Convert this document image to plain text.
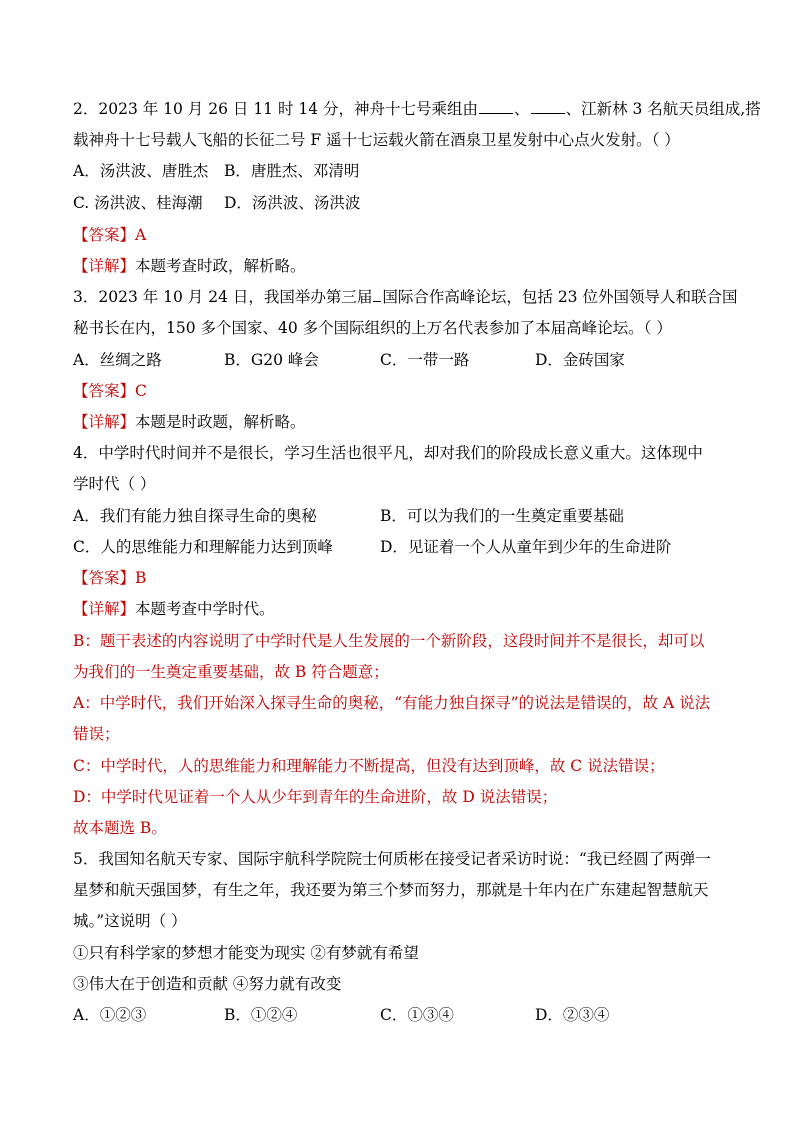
2．2023 年 10 月 26 日 11 时 14 分，神舟十七号乘组由 、 、江新林 3 名航天员组成,搭
载神舟十七号载人飞船的长征二号 F 遥十七运载火箭在酒泉卫星发射中心点火发射。（ ）
A．汤洪波、唐胜杰 B．唐胜杰、邓清明
C. 汤洪波、桂海潮 D．汤洪波、汤洪波
【答案】A
【详解】本题考查时政，解析略。
3．2023 年 10 月 24 日，我国举办第三届 国际合作高峰论坛，包括 23 位外国领导人和联合国
秘书长在内，150 多个国家、40 多个国际组织的上万名代表参加了本届高峰论坛。（ ）
A．丝绸之路	B．G20 峰会	C．一带一路	D．金砖国家
【答案】C
【详解】本题是时政题，解析略。
4．中学时代时间并不是很长，学习生活也很平凡，却对我们的阶段成长意义重大。这体现中
学时代（ ）
A．我们有能力独自探寻生命的奥秘	B．可以为我们的一生奠定重要基础
C．人的思维能力和理解能力达到顶峰	D．见证着一个人从童年到少年的生命进阶
【答案】B
【详解】本题考查中学时代。
B：题干表述的内容说明了中学时代是人生发展的一个新阶段，这段时间并不是很长，却可以
为我们的一生奠定重要基础，故 B 符合题意；
A：中学时代，我们开始深入探寻生命的奥秘，“有能力独自探寻”的说法是错误的，故 A 说法
错误；
C：中学时代，人的思维能力和理解能力不断提高，但没有达到顶峰，故 C 说法错误；
D：中学时代见证着一个人从少年到青年的生命进阶，故 D 说法错误；
故本题选 B。
5．我国知名航天专家、国际宇航科学院院士何质彬在接受记者采访时说：“我已经圆了两弹一
星梦和航天强国梦，有生之年，我还要为第三个梦而努力，那就是十年内在广东建起智慧航天
城。”这说明（ ）
①只有科学家的梦想才能变为现实 ②有梦就有希望
③伟大在于创造和贡献 ④努力就有改变
A．①②③	B．①②④	C．①③④	D．②③④
